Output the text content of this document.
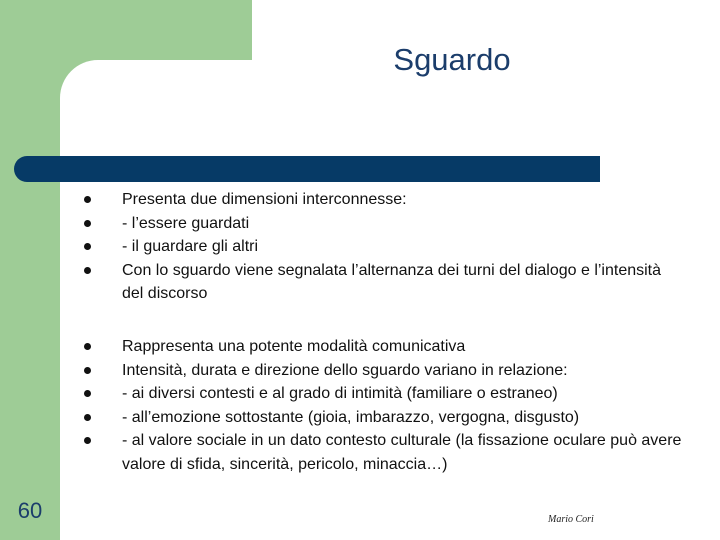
Sguardo
Presenta due dimensioni interconnesse:
- l’essere guardati
- il guardare gli altri
Con lo sguardo viene segnalata l’alternanza dei turni del dialogo e l’intensità del discorso
Rappresenta una potente modalità comunicativa
Intensità, durata e direzione dello sguardo variano in relazione:
- ai diversi contesti e al grado di intimità (familiare o estraneo)
- all’emozione sottostante (gioia, imbarazzo, vergogna, disgusto)
- al valore sociale in un dato contesto culturale (la fissazione oculare può avere valore di sfida, sincerità, pericolo, minaccia…)
60	Mario Cori
